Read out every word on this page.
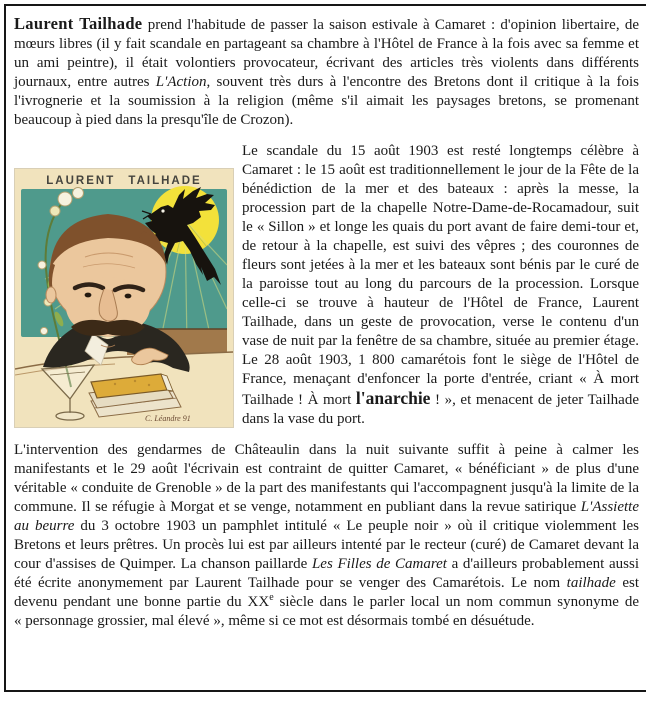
Laurent Tailhade prend l'habitude de passer la saison estivale à Camaret : d'opinion libertaire, de mœurs libres (il y fait scandale en partageant sa chambre à l'Hôtel de France à la fois avec sa femme et un ami peintre), il était volontiers provocateur, écrivant des articles très violents dans différents journaux, entre autres L'Action, souvent très durs à l'encontre des Bretons dont il critique à la fois l'ivrognerie et la soumission à la religion (même s'il aimait les paysages bretons, se promenant beaucoup à pied dans la presqu'île de Crozon).

LAURENT TAILHADE
C. Léandre 91
Le scandale du 15 août 1903 est resté longtemps célèbre à Camaret : le 15 août est traditionnellement le jour de la Fête de la bénédiction de la mer et des bateaux : après la messe, la procession part de la chapelle Notre-Dame-de-Rocamadour, suit le « Sillon » et longe les quais du port avant de faire demi-tour et, de retour à la chapelle, est suivi des vêpres ; des couronnes de fleurs sont jetées à la mer et les bateaux sont bénis par le curé de la paroisse tout au long du parcours de la procession. Lorsque celle-ci se trouve à hauteur de l'Hôtel de France, Laurent Tailhade, dans un geste de provocation, verse le contenu d'un vase de nuit par la fenêtre de sa chambre, située au premier étage. Le 28 août 1903, 1 800 camarétois font le siège de l'Hôtel de France, menaçant d'enfoncer la porte d'entrée, criant « À mort Tailhade ! À mort l'anarchie ! », et menacent de jeter Tailhade dans la vase du port.

L'intervention des gendarmes de Châteaulin dans la nuit suivante suffit à peine à calmer les manifestants et le 29 août l'écrivain est contraint de quitter Camaret, « bénéficiant » de plus d'une véritable « conduite de Grenoble » de la part des manifestants qui l'accompagnent jusqu'à la limite de la commune. Il se réfugie à Morgat et se venge, notamment en publiant dans la revue satirique L'Assiette au beurre du 3 octobre 1903 un pamphlet intitulé « Le peuple noir » où il critique violemment les Bretons et leurs prêtres. Un procès lui est par ailleurs intenté par le recteur (curé) de Camaret devant la cour d'assises de Quimper. La chanson paillarde Les Filles de Camaret a d'ailleurs probablement aussi été écrite anonymement par Laurent Tailhade pour se venger des Camarétois. Le nom tailhade est devenu pendant une bonne partie du XXe siècle dans le parler local un nom commun synonyme de « personnage grossier, mal élevé », même si ce mot est désormais tombé en désuétude.
